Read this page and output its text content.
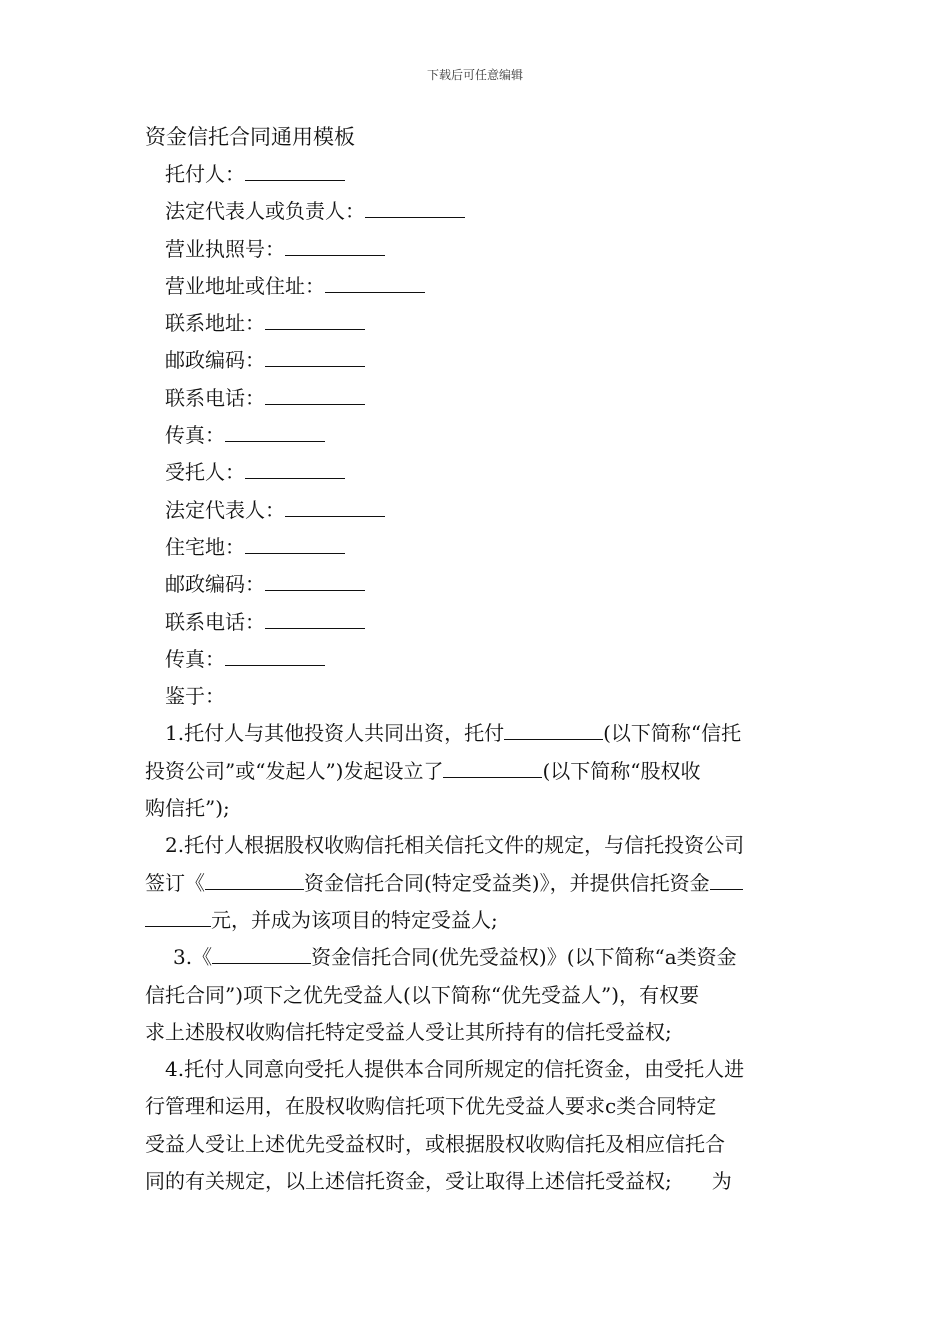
下载后可任意编辑
资金信托合同通用模板
托付人：
法定代表人或负责人：
营业执照号：
营业地址或住址：
联系地址：
邮政编码：
联系电话：
传真：
受托人：
法定代表人：
住宅地：
邮政编码：
联系电话：
传真：
鉴于：
1.托付人与其他投资人共同出资，托付	(以下简称“信托
投资公司”或“发起人”)发起设立了	(以下简称“股权收
购信托”);
2.托付人根据股权收购信托相关信托文件的规定，与信托投资公司
签订《	资金信托合同(特定受益类)》，并提供信托资金
元，并成为该项目的特定受益人;
3.《	资金信托合同(优先受益权)》(以下简称“a类资金
信托合同”)项下之优先受益人(以下简称“优先受益人”)，有权要
求上述股权收购信托特定受益人受让其所持有的信托受益权;
4.托付人同意向受托人提供本合同所规定的信托资金，由受托人进
行管理和运用，在股权收购信托项下优先受益人要求c类合同特定
受益人受让上述优先受益权时，或根据股权收购信托及相应信托合
同的有关规定，以上述信托资金，受让取得上述信托受益权;　　为
